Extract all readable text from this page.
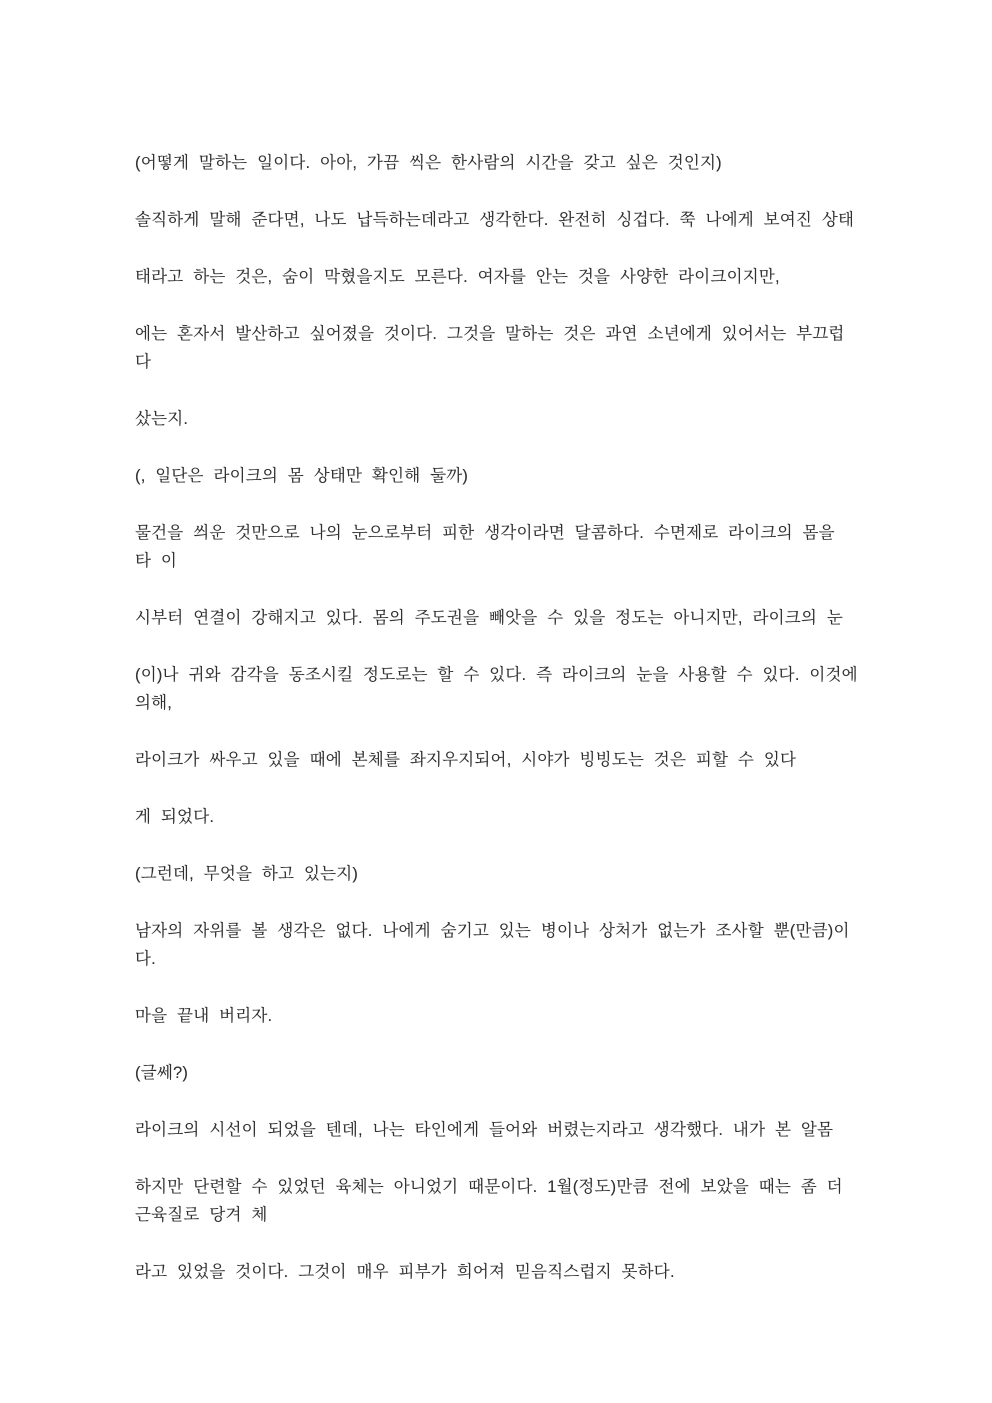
(어떻게 말하는 일이다. 아아, 가끔 씩은 한사람의 시간을 갖고 싶은 것인지)
솔직하게 말해 준다면, 나도 납득하는데라고 생각한다. 완전히 싱겁다. 쭉 나에게 보여진 상태
태라고 하는 것은, 숨이 막혔을지도 모른다. 여자를 안는 것을 사양한 라이크이지만,
에는 혼자서 발산하고 싶어졌을 것이다. 그것을 말하는 것은 과연 소년에게 있어서는 부끄럽
다
샀는지.
(, 일단은 라이크의 몸 상태만 확인해 둘까)
물건을 씌운 것만으로 나의 눈으로부터 피한 생각이라면 달콤하다. 수면제로 라이크의 몸을
타 이
시부터 연결이 강해지고 있다. 몸의 주도권을 빼앗을 수 있을 정도는 아니지만, 라이크의 눈
(이)나 귀와 감각을 동조시킬 정도로는 할 수 있다. 즉 라이크의 눈을 사용할 수 있다. 이것에
의해,
라이크가 싸우고 있을 때에 본체를 좌지우지되어, 시야가 빙빙도는 것은 피할 수 있다
게 되었다.
(그런데, 무엇을 하고 있는지)
남자의 자위를 볼 생각은 없다. 나에게 숨기고 있는 병이나 상처가 없는가 조사할 뿐(만큼)이
다.
마을 끝내 버리자.
(글쎄?)
라이크의 시선이 되었을 텐데, 나는 타인에게 들어와 버렸는지라고 생각했다. 내가 본 알몸
하지만 단련할 수 있었던 육체는 아니었기 때문이다. 1월(정도)만큼 전에 보았을 때는 좀 더
근육질로 당겨 체
라고 있었을 것이다. 그것이 매우 피부가 희어져 믿음직스럽지 못하다.
